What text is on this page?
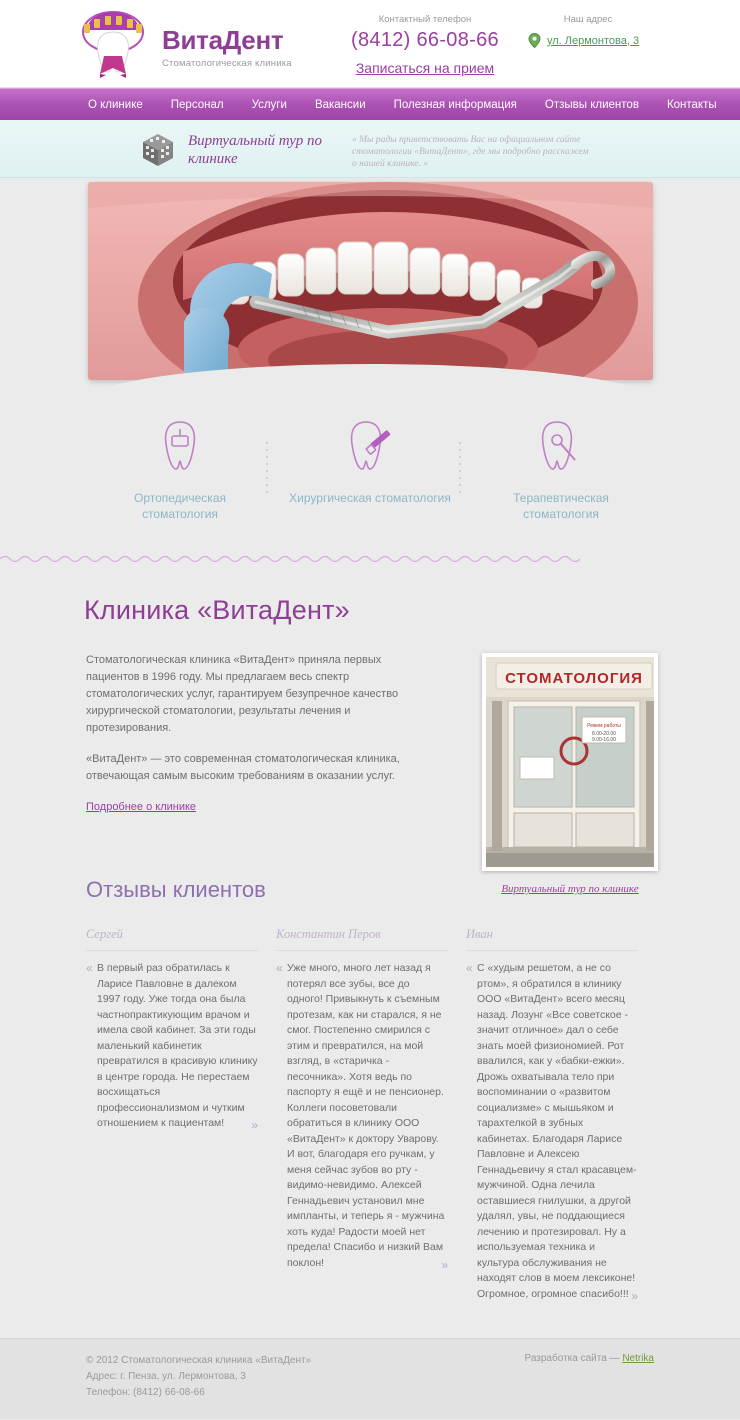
ВитаДент
Стоматологическая клиника
Контактный телефон
(8412) 66-08-66
Записаться на прием
Наш адрес
ул. Лермонтова, 3
О клинике	Персонал	Услуги	Вакансии	Полезная информация	Отзывы клиентов	Контакты
Виртуальный тур по клинике
« Мы рады приветствовать Вас на официальном сайте стоматологии «ВитаДент», где мы подробно расскажем о нашей клинике. »
Ортопедическая стоматология
Хирургическая стоматология	Терапевтическая стоматология
Клиника «ВитаДент»

Стоматологическая клиника «ВитаДент» приняла первых пациентов в 1996 году. Мы предлагаем весь спектр стоматологических услуг, гарантируем безупречное качество хирургической стоматологии, результаты лечения и протезирования.

«ВитаДент» — это современная стоматологическая клиника, отвечающая самым высоким требованиям в оказании услуг.

Подробнее о клинике
СТОМАТОЛОГИЯ
Режим работы
8.00-20.00
9.00-16.00
Виртуальный тур по клинике
Отзывы клиентов
Сергей
« В первый раз обратилась к Ларисе Павловне в далеком 1997 году. Уже тогда она была частнопрактикующим врачом и имела свой кабинет. За эти годы маленький кабинетик превратился в красивую клинику в центре города. Не перестаем восхищаться профессионализмом и чутким отношением к пациентам! »
Константин Перов
« Уже много, много лет назад я потерял все зубы, все до одного! Привыкнуть к съемным протезам, как ни старался, я не смог. Постепенно смирился с этим и превратился, на мой взгляд, в «старичка - песочника». Хотя ведь по паспорту я ещё и не пенсионер. Коллеги посоветовали обратиться в клинику ООО «ВитаДент» к доктору Уварову. И вот, благодаря его ручкам, у меня сейчас зубов во рту - видимо-невидимо. Алексей Геннадьевич установил мне импланты, и теперь я - мужчина хоть куда! Радости моей нет предела! Спасибо и низкий Вам поклон!	»
Иван
« С «худым решетом, а не со ртом», я обратился в клинику ООО «ВитаДент» всего месяц назад. Лозунг «Все советское - значит отличное» дал о себе знать моей физиономией. Рот ввалился, как у «бабки-ежки». Дрожь охватывала тело при воспоминании о «развитом социализме» с мышьяком и тарахтелкой в зубных кабинетах. Благодаря Ларисе Павловне и Алексею Геннадьевичу я стал красавцем-мужчиной. Одна лечила оставшиеся гнилушки, а другой удалял, увы, не поддающиеся лечению и протезировал. Ну а используемая техника и культура обслуживания не находят слов в моем лексиконе! Огромное, огромное спасибо!!! »
© 2012 Стоматологическая клиника «ВитаДент»
Адрес: г. Пенза, ул. Лермонтова, 3
Телефон: (8412) 66-08-66
Разработка сайта — Netrika
